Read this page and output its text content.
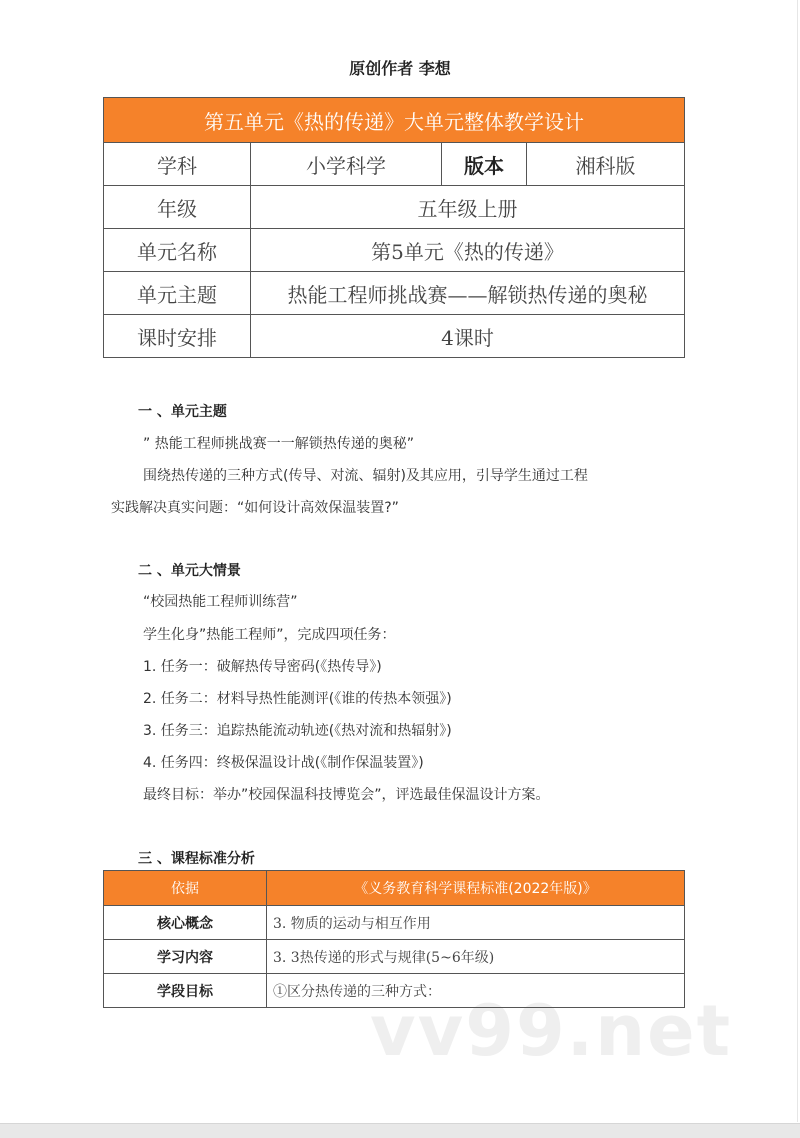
原创作者 李想
第五单元《热的传递》大单元整体教学设计			
学科	小学科学	版本	湘科版
年级	五年级上册		
单元名称	第5单元《热的传递》		
单元主题	热能工程师挑战赛——解锁热传递的奥秘		
课时安排	4课时		
一 、单元主题
” 热能工程师挑战赛一一解锁热传递的奥秘”
围绕热传递的三种方式(传导、对流、辐射)及其应用，引导学生通过工程
实践解决真实问题：“如何设计高效保温装置?”
二 、单元大情景
“校园热能工程师训练营”
学生化身”热能工程师”，完成四项任务：
1. 任务一：破解热传导密码(《热传导》)
2. 任务二：材料导热性能测评(《谁的传热本领强》)
3. 任务三：追踪热能流动轨迹(《热对流和热辐射》)
4. 任务四：终极保温设计战(《制作保温装置》)
最终目标：举办”校园保温科技博览会”，评选最佳保温设计方案。
三 、课程标准分析
vv99.net
依据	《义务教育科学课程标准(2022年版)》
核心概念	3. 物质的运动与相互作用
学习内容	3. 3热传递的形式与规律(5~6年级)
学段目标	①区分热传递的三种方式：
